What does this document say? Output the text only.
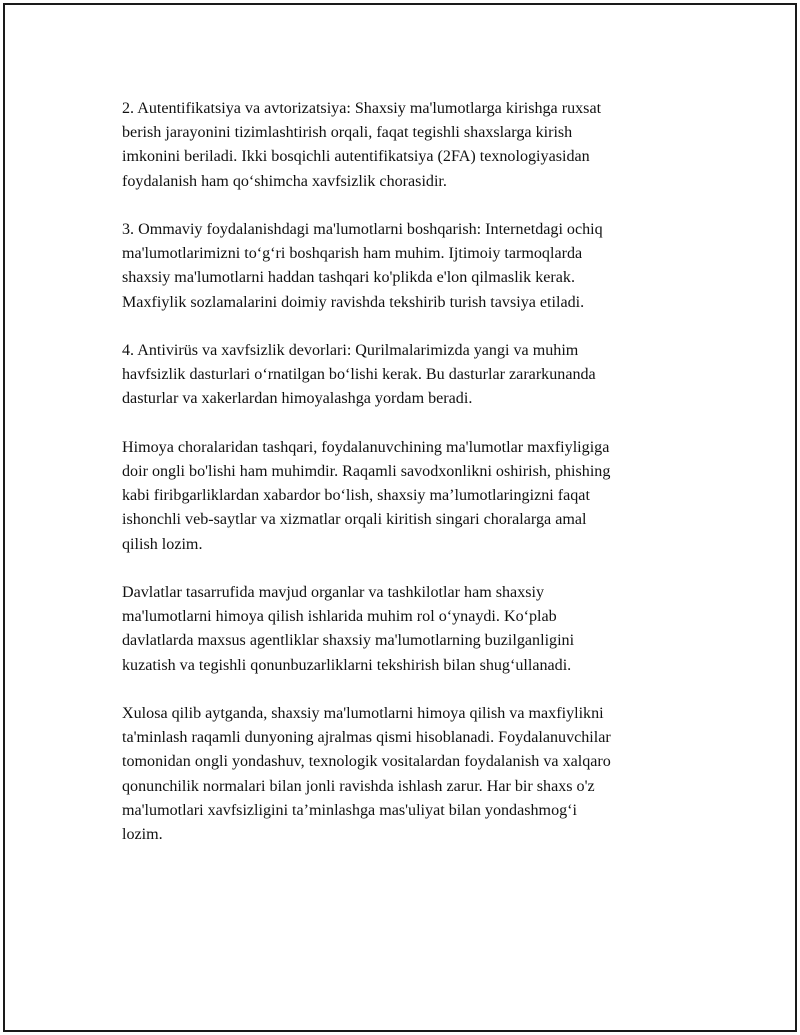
2. Autentifikatsiya va avtorizatsiya: Shaxsiy ma'lumotlarga kirishga ruxsat
berish jarayonini tizimlashtirish orqali, faqat tegishli shaxslarga kirish
imkonini beriladi. Ikki bosqichli autentifikatsiya (2FA) texnologiyasidan
foydalanish ham qo‘shimcha xavfsizlik chorasidir.

3. Ommaviy foydalanishdagi ma'lumotlarni boshqarish: Internetdagi ochiq
ma'lumotlarimizni to‘g‘ri boshqarish ham muhim. Ijtimoiy tarmoqlarda
shaxsiy ma'lumotlarni haddan tashqari ko'plikda e'lon qilmaslik kerak.
Maxfiylik sozlamalarini doimiy ravishda tekshirib turish tavsiya etiladi.

4. Antivirüs va xavfsizlik devorlari: Qurilmalarimizda yangi va muhim
havfsizlik dasturlari o‘rnatilgan bo‘lishi kerak. Bu dasturlar zararkunanda
dasturlar va xakerlardan himoyalashga yordam beradi.

Himoya choralaridan tashqari, foydalanuvchining ma'lumotlar maxfiyligiga
doir ongli bo'lishi ham muhimdir. Raqamli savodxonlikni oshirish, phishing
kabi firibgarliklardan xabardor bo‘lish, shaxsiy ma’lumotlaringizni faqat
ishonchli veb-saytlar va xizmatlar orqali kiritish singari choralarga amal
qilish lozim.

Davlatlar tasarrufida mavjud organlar va tashkilotlar ham shaxsiy
ma'lumotlarni himoya qilish ishlarida muhim rol o‘ynaydi. Ko‘plab
davlatlarda maxsus agentliklar shaxsiy ma'lumotlarning buzilganligini
kuzatish va tegishli qonunbuzarliklarni tekshirish bilan shug‘ullanadi.

Xulosa qilib aytganda, shaxsiy ma'lumotlarni himoya qilish va maxfiylikni
ta'minlash raqamli dunyoning ajralmas qismi hisoblanadi. Foydalanuvchilar
tomonidan ongli yondashuv, texnologik vositalardan foydalanish va xalqaro
qonunchilik normalari bilan jonli ravishda ishlash zarur. Har bir shaxs o'z
ma'lumotlari xavfsizligini ta’minlashga mas'uliyat bilan yondashmog‘i
lozim.
